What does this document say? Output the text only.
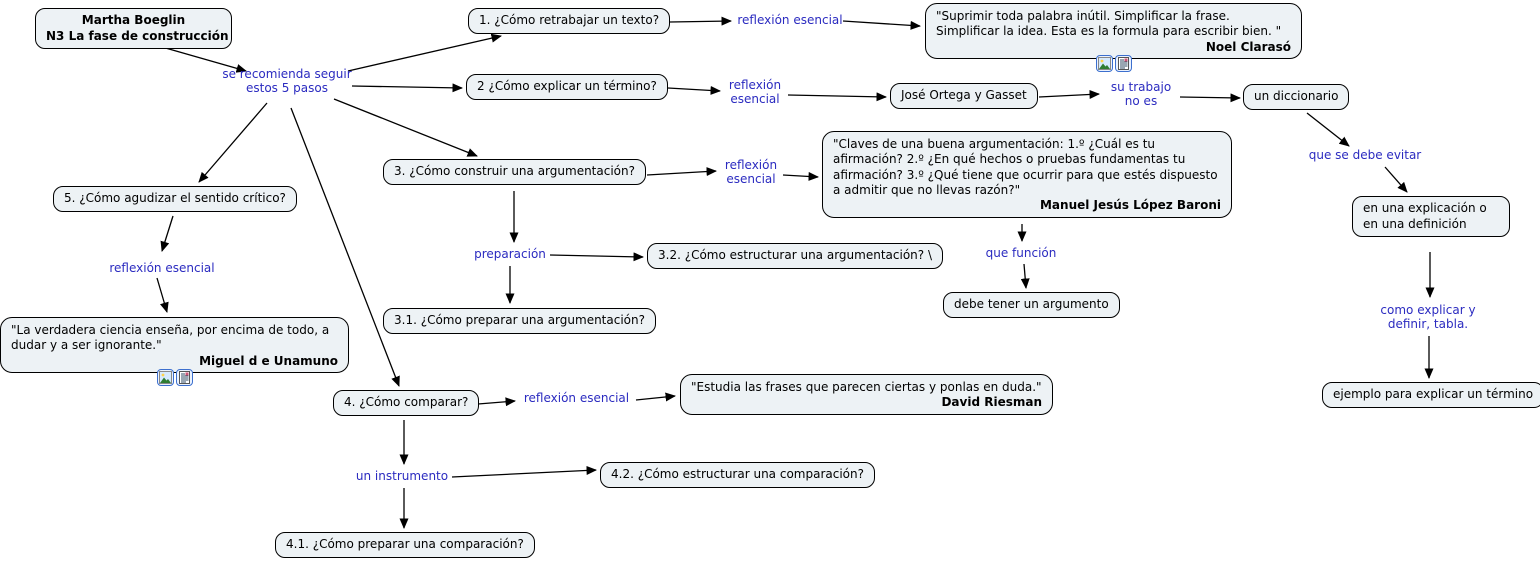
Martha Boeglin
N3 La fase de construcción
se recomienda seguir estos 5 pasos
1. ¿Cómo retrabajar un texto?
2 ¿Cómo explicar un término?
3. ¿Cómo construir una argumentación?
4. ¿Cómo comparar?
5. ¿Cómo agudizar el sentido crítico?
"Suprimir toda palabra inútil. Simplificar la frase. Simplificar la idea. Esta es la formula para escribir bien. "
Noel Clarasó
José Ortega y Gasset	un diccionario
"Claves de una buena argumentación: 1.º ¿Cuál es tu afirmación? 2.º ¿En qué hechos o pruebas fundamentas tu afirmación? 3.º ¿Qué tiene que ocurrir para que estés dispuesto a admitir que no llevas razón?"
Manuel Jesús López Baroni	en una explicación o en una definición
3.2. ¿Cómo estructurar una argumentación? \
debe tener un argumento
3.1. ¿Cómo preparar una argumentación?
"La verdadera ciencia enseña, por encima de todo, a dudar y a ser ignorante."
Miguel d e Unamuno
"Estudia las frases que parecen ciertas y ponlas en duda."
David Riesman
ejemplo para explicar un término
4.2. ¿Cómo estructurar una comparación?
4.1. ¿Cómo preparar una comparación?
reflexión esencial
reflexión esencial
su trabajo no es
reflexión esencial
que se debe evitar
preparación	que función
reflexión esencial
como explicar y definir, tabla.
reflexión esencial
un instrumento
